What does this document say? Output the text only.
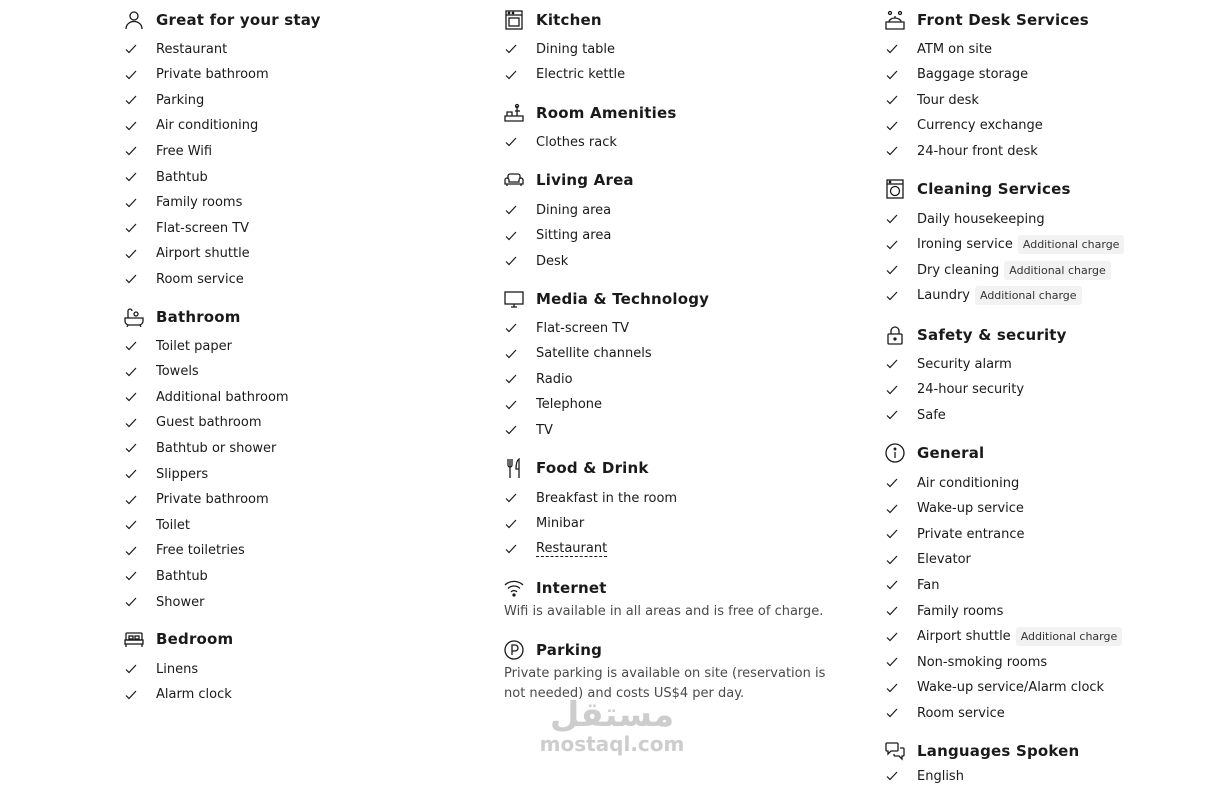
Great for your stay
Restaurant
Private bathroom
Parking
Air conditioning
Free Wifi
Bathtub
Family rooms
Flat-screen TV
Airport shuttle
Room service
Bathroom
Toilet paper
Towels
Additional bathroom
Guest bathroom
Bathtub or shower
Slippers
Private bathroom
Toilet
Free toiletries
Bathtub
Shower
Bedroom
Linens
Alarm clock
Kitchen
Dining table
Electric kettle
Room Amenities
Clothes rack
Living Area
Dining area
Sitting area
Desk
Media & Technology
Flat-screen TV
Satellite channels
Radio
Telephone
TV
Food & Drink
Breakfast in the room
Minibar
Restaurant
Internet
Wifi is available in all areas and is free of charge.
Parking
Private parking is available on site (reservation is not needed) and costs US$4 per day.
Front Desk Services
ATM on site
Baggage storage
Tour desk
Currency exchange
24-hour front desk
Cleaning Services
Daily housekeeping
Ironing service Additional charge
Dry cleaning Additional charge
Laundry Additional charge
Safety & security
Security alarm
24-hour security
Safe
General
Air conditioning
Wake-up service
Private entrance
Elevator
Fan
Family rooms
Airport shuttle Additional charge
Non-smoking rooms
Wake-up service/Alarm clock
Room service
Languages Spoken
English
مستقل
mostaql.com
